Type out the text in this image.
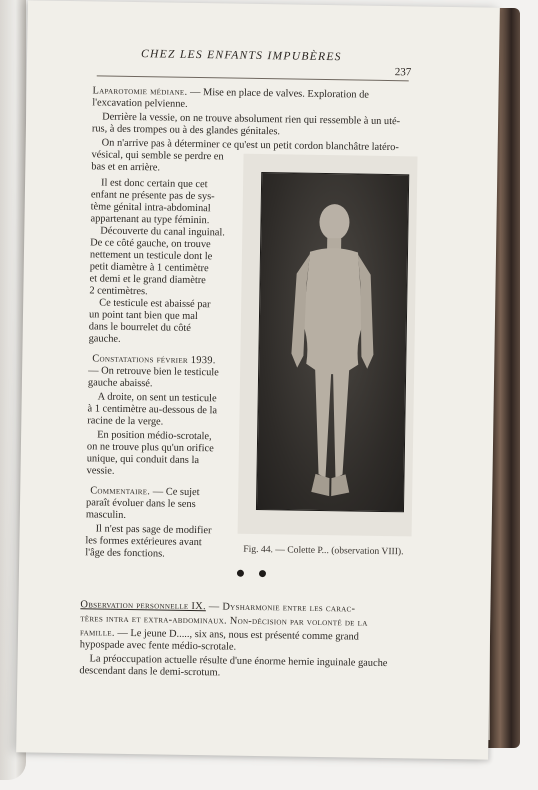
CHEZ LES ENFANTS IMPUBÈRES
237
Laparotomie médiane. — Mise en place de valves. Exploration de
l'excavation pelvienne.
Derrière la vessie, on ne trouve absolument rien qui ressemble à un uté-
rus, à des trompes ou à des glandes génitales.
On n'arrive pas à déterminer ce qu'est un petit cordon blanchâtre latéro-
vésical, qui semble se perdre en
bas et en arrière.
Il est donc certain que cet
enfant ne présente pas de sys-
tème génital intra-abdominal
appartenant au type féminin.
Découverte du canal inguinal.
De ce côté gauche, on trouve
nettement un testicule dont le
petit diamètre à 1 centimètre
et demi et le grand diamètre
2 centimètres.
Ce testicule est abaissé par
un point tant bien que mal
dans le bourrelet du côté
gauche.
Constatations février 1939.
— On retrouve bien le testicule
gauche abaissé.
A droite, on sent un testicule
à 1 centimètre au-dessous de la
racine de la verge.
En position médio-scrotale,
on ne trouve plus qu'un orifice
unique, qui conduit dans la
vessie.
Commentaire. — Ce sujet
paraît évoluer dans le sens
masculin.
Il n'est pas sage de modifier
les formes extérieures avant
l'âge des fonctions.	Fig. 44. — Colette P... (observation VIII).
Observation personnelle IX. — Dysharmonie entre les carac-
tères intra et extra-abdominaux. Non-décision par volonté de la
famille. — Le jeune D....., six ans, nous est présenté comme grand
hypospade avec fente médio-scrotale.
La préoccupation actuelle résulte d'une énorme hernie inguinale gauche
descendant dans le demi-scrotum.
